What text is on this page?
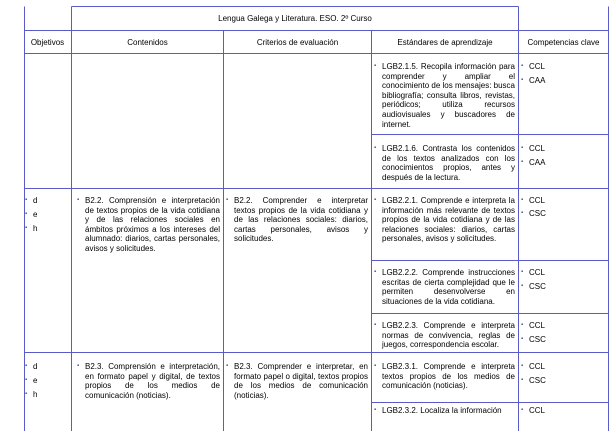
Lengua Galega y Literatura. ESO. 2º Curso
Objetivos	Contenidos	Criterios de evaluación	Estándares de aprendizaje	Competencias clave
▪ LGB2.1.5. Recopila información para comprender y ampliar el conocimiento de los mensajes: busca bibliografía; consulta libros, revistas, periódicos; utiliza recursos audiovisuales y buscadores de internet.
▪ CCL
▪ CAA
▪ LGB2.1.6. Contrasta los contenidos de los textos analizados con los conocimientos propios, antes y después de la lectura.
▪ CCL
▪ CAA
▪ d
▪ e
▪ h
▪ B2.2. Comprensión e interpretación de textos propios de la vida cotidiana y de las relaciones sociales en ámbitos próximos a los intereses del alumnado: diarios, cartas personales, avisos y solicitudes.
▪ B2.2. Comprender e interpretar textos propios de la vida cotidiana y de las relaciones sociales: diarios, cartas personales, avisos y solicitudes.
▪ LGB2.2.1. Comprende e interpreta la información más relevante de textos propios de la vida cotidiana y de las relaciones sociales: diarios, cartas personales, avisos y solicitudes.
▪ CCL
▪ CSC
▪ LGB2.2.2. Comprende instrucciones escritas de cierta complejidad que le permiten desenvolverse en situaciones de la vida cotidiana.
▪ CCL
▪ CSC
▪ LGB2.2.3. Comprende e interpreta normas de convivencia, reglas de juegos, correspondencia escolar.
▪ CCL
▪ CSC
▪ d
▪ e
▪ h
▪ B2.3. Comprensión e interpretación, en formato papel y digital, de textos propios de los medios de comunicación (noticias).
▪ B2.3. Comprender e interpretar, en formato papel o digital, textos propios de los medios de comunicación (noticias).
▪ LGB2.3.1. Comprende e interpreta textos propios de los medios de comunicación (noticias).
▪ CCL
▪ CSC
▪ LGB2.3.2. Localiza la información
▪	CCL
